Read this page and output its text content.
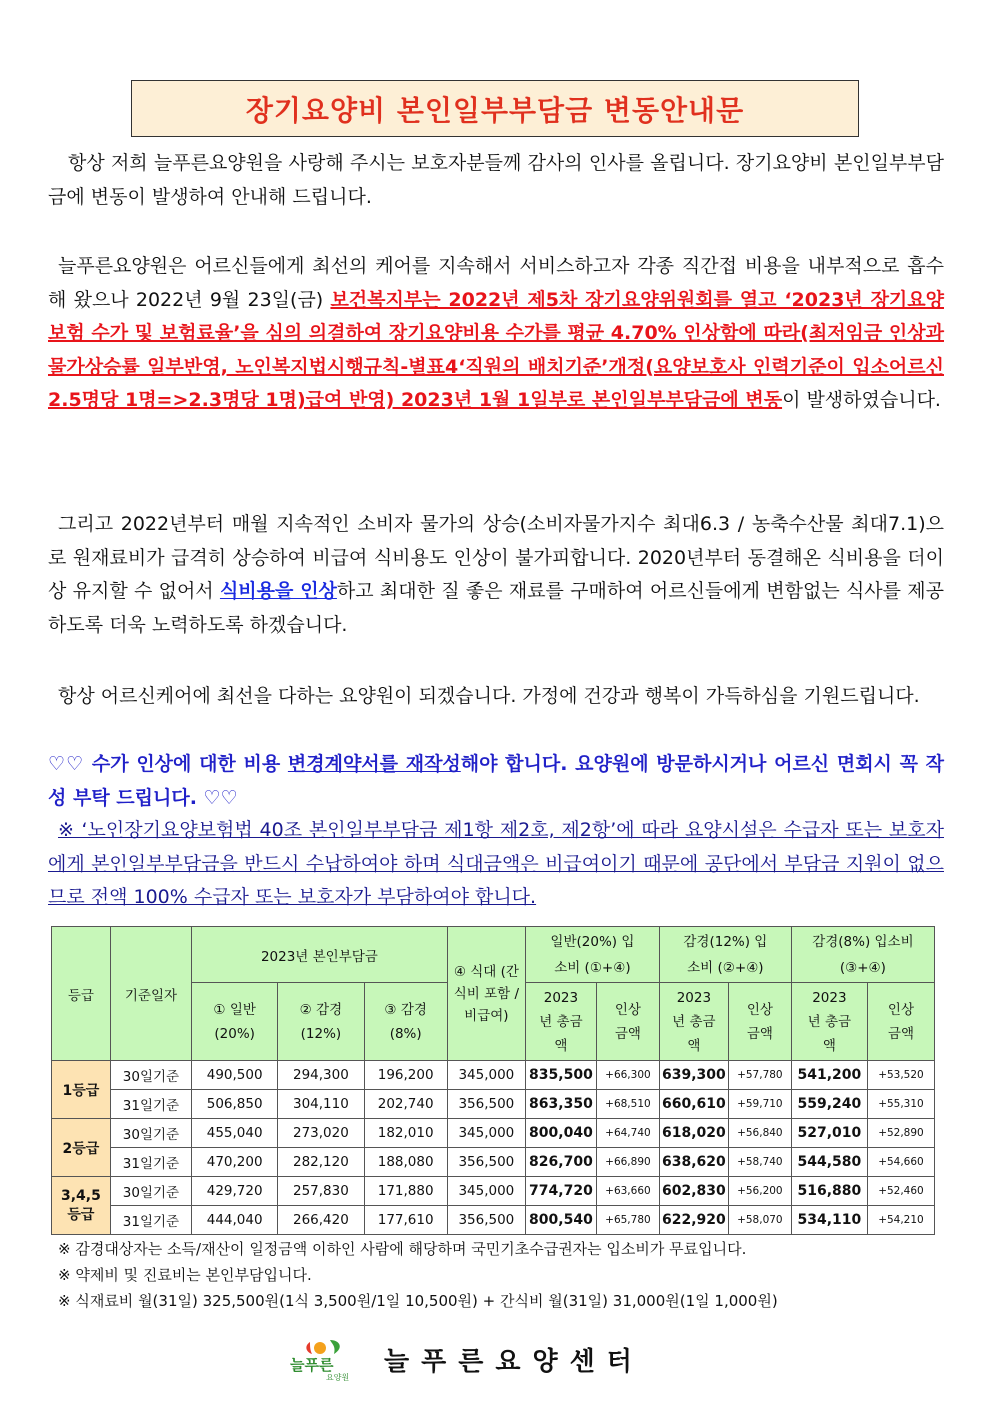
장기요양비 본인일부부담금 변동안내문

항상 저희 늘푸른요양원을 사랑해 주시는 보호자분들께 감사의 인사를 올립니다. 장기요양비 본인일부부담금에 변동이 발생하여 안내해 드립니다.

늘푸른요양원은 어르신들에게 최선의 케어를 지속해서 서비스하고자 각종 직간접 비용을 내부적으로 흡수해 왔으나 2022년 9월 23일(금) 보건복지부는 2022년 제5차 장기요양위원회를 열고 ‘2023년 장기요양보험 수가 및 보험료율’을 심의 의결하여 장기요양비용 수가를 평균 4.70% 인상함에 따라(최저임금 인상과 물가상승률 일부반영, 노인복지법시행규칙-별표4‘직원의 배치기준’개정(요양보호사 인력기준이 입소어르신 2.5명당 1명=>2.3명당 1명)급여 반영) 2023년 1월 1일부로 본인일부부담금에 변동이 발생하였습니다.

그리고 2022년부터 매월 지속적인 소비자 물가의 상승(소비자물가지수 최대6.3 / 농축수산물 최대7.1)으로 원재료비가 급격히 상승하여 비급여 식비용도 인상이 불가피합니다. 2020년부터 동결해온 식비용을 더이상 유지할 수 없어서 식비용을 인상하고 최대한 질 좋은 재료를 구매하여 어르신들에게 변함없는 식사를 제공하도록 더욱 노력하도록 하겠습니다.

항상 어르신케어에 최선을 다하는 요양원이 되겠습니다. 가정에 건강과 행복이 가득하심을 기원드립니다.

♡♡ 수가 인상에 대한 비용 변경계약서를 재작성해야 합니다. 요양원에 방문하시거나 어르신 면회시 꼭 작성 부탁 드립니다. ♡♡

※ ‘노인장기요양보험법 40조 본인일부부담금 제1항 제2호, 제2항’에 따라 요양시설은 수급자 또는 보호자에게 본인일부부담금을 반드시 수납하여야 하며 식대금액은 비급여이기 때문에 공단에서 부담금 지원이 없으므로 전액 100% 수급자 또는 보호자가 부담하여야 합니다.

등급	기준일자	2023년 본인부담금			④ 식대 (간식비 포함 /비급여)	일반(20%) 입소비 (①+④)		감경(12%) 입소비 (②+④)		감경(8%) 입소비 (③+④)	
		① 일반(20%)	② 감경(12%)	③ 감경(8%)		2023년 총금액	인상 금액	2023년 총금액	인상 금액	2023년 총금액	인상 금액
1등급	30일기준	490,500	294,300	196,200	345,000	835,500	+66,300	639,300	+57,780	541,200	+53,520
	31일기준	506,850	304,110	202,740	356,500	863,350	+68,510	660,610	+59,710	559,240	+55,310
2등급	30일기준	455,040	273,020	182,010	345,000	800,040	+64,740	618,020	+56,840	527,010	+52,890
	31일기준	470,200	282,120	188,080	356,500	826,700	+66,890	638,620	+58,740	544,580	+54,660
3,4,5 등급	30일기준	429,720	257,830	171,880	345,000	774,720	+63,660	602,830	+56,200	516,880	+52,460
	31일기준	444,040	266,420	177,610	356,500	800,540	+65,780	622,920	+58,070	534,110	+54,210
※ 감경대상자는 소득/재산이 일정금액 이하인 사람에 해당하며 국민기초수급권자는 입소비가 무료입니다.
※ 약제비 및 진료비는 본인부담입니다.
※ 식재료비 월(31일) 325,500원(1식 3,500원/1일 10,500원) + 간식비 월(31일) 31,000원(1일 1,000원)
늘푸른
요양원
늘푸른요양센터
